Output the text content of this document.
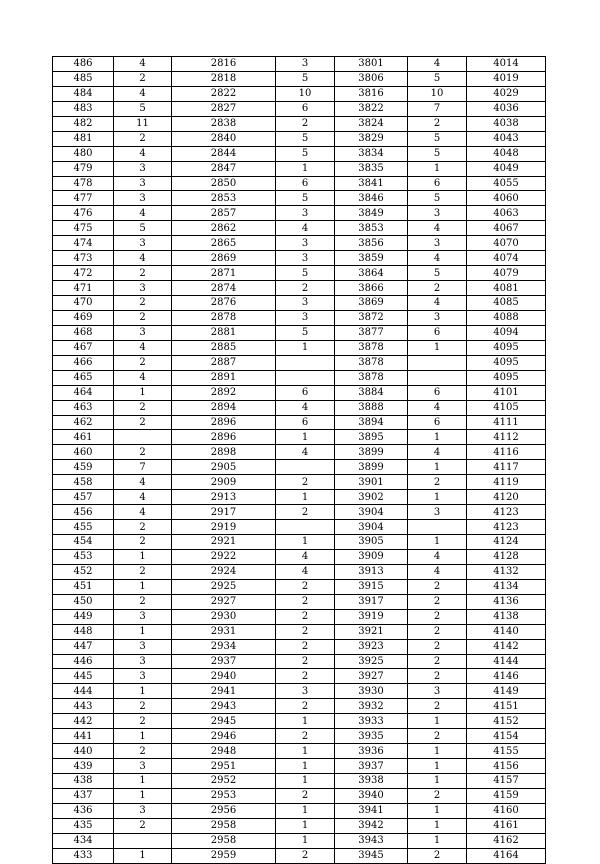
486	4	2816	3	3801	4	4014
485	2	2818	5	3806	5	4019
484	4	2822	10	3816	10	4029
483	5	2827	6	3822	7	4036
482	11	2838	2	3824	2	4038
481	2	2840	5	3829	5	4043
480	4	2844	5	3834	5	4048
479	3	2847	1	3835	1	4049
478	3	2850	6	3841	6	4055
477	3	2853	5	3846	5	4060
476	4	2857	3	3849	3	4063
475	5	2862	4	3853	4	4067
474	3	2865	3	3856	3	4070
473	4	2869	3	3859	4	4074
472	2	2871	5	3864	5	4079
471	3	2874	2	3866	2	4081
470	2	2876	3	3869	4	4085
469	2	2878	3	3872	3	4088
468	3	2881	5	3877	6	4094
467	4	2885	1	3878	1	4095
466	2	2887		3878		4095
465	4	2891		3878		4095
464	1	2892	6	3884	6	4101
463	2	2894	4	3888	4	4105
462	2	2896	6	3894	6	4111
461		2896	1	3895	1	4112
460	2	2898	4	3899	4	4116
459	7	2905		3899	1	4117
458	4	2909	2	3901	2	4119
457	4	2913	1	3902	1	4120
456	4	2917	2	3904	3	4123
455	2	2919		3904		4123
454	2	2921	1	3905	1	4124
453	1	2922	4	3909	4	4128
452	2	2924	4	3913	4	4132
451	1	2925	2	3915	2	4134
450	2	2927	2	3917	2	4136
449	3	2930	2	3919	2	4138
448	1	2931	2	3921	2	4140
447	3	2934	2	3923	2	4142
446	3	2937	2	3925	2	4144
445	3	2940	2	3927	2	4146
444	1	2941	3	3930	3	4149
443	2	2943	2	3932	2	4151
442	2	2945	1	3933	1	4152
441	1	2946	2	3935	2	4154
440	2	2948	1	3936	1	4155
439	3	2951	1	3937	1	4156
438	1	2952	1	3938	1	4157
437	1	2953	2	3940	2	4159
436	3	2956	1	3941	1	4160
435	2	2958	1	3942	1	4161
434		2958	1	3943	1	4162
433	1	2959	2	3945	2	4164
